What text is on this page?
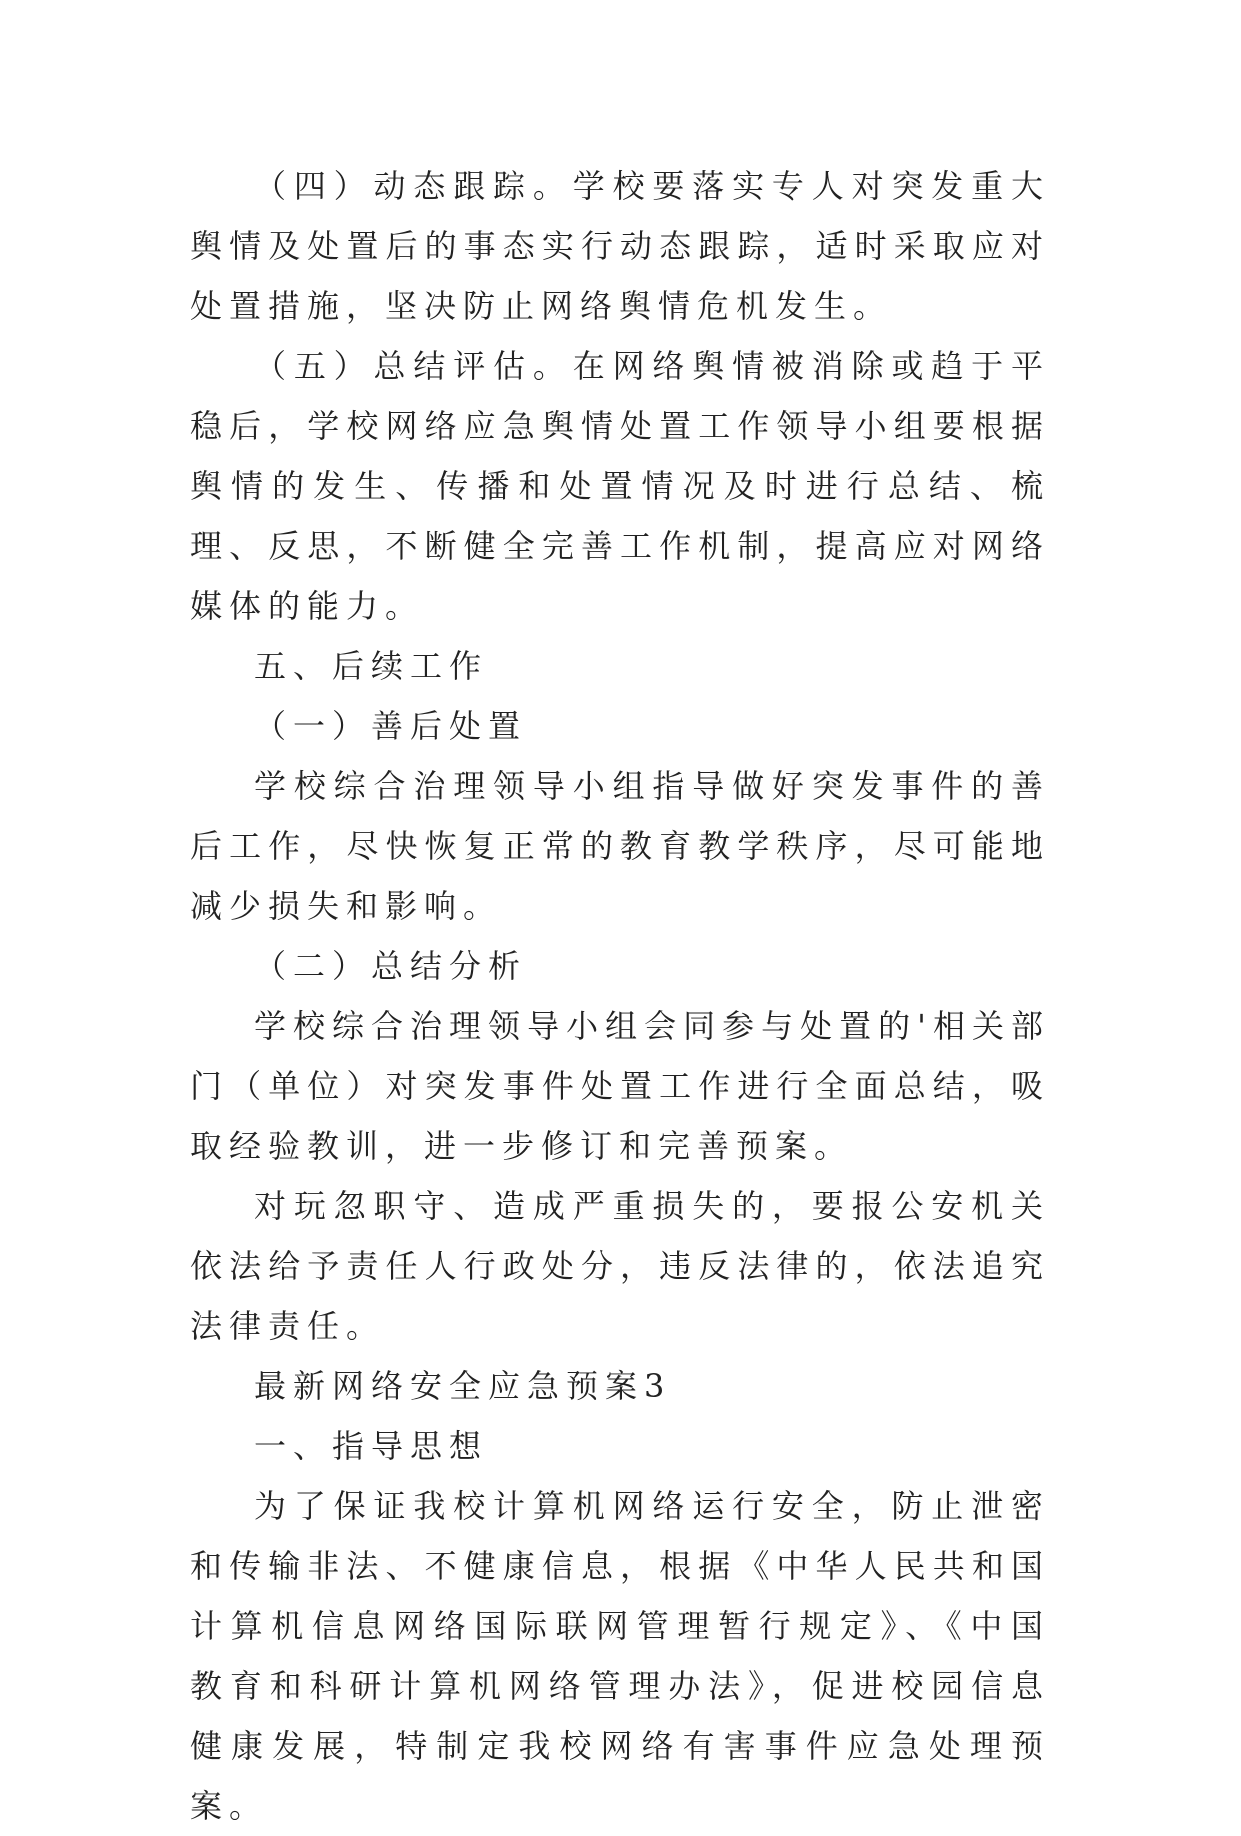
（四）动态跟踪。学校要落实专人对突发重大舆情及处置后的事态实行动态跟踪，适时采取应对处置措施，坚决防止网络舆情危机发生。

（五）总结评估。在网络舆情被消除或趋于平稳后，学校网络应急舆情处置工作领导小组要根据舆情的发生、传播和处置情况及时进行总结、梳理、反思，不断健全完善工作机制，提高应对网络媒体的能力。

五、后续工作

（一）善后处置

学校综合治理领导小组指导做好突发事件的善后工作，尽快恢复正常的教育教学秩序，尽可能地减少损失和影响。

（二）总结分析

学校综合治理领导小组会同参与处置的'相关部门（单位）对突发事件处置工作进行全面总结，吸取经验教训，进一步修订和完善预案。

对玩忽职守、造成严重损失的，要报公安机关依法给予责任人行政处分，违反法律的，依法追究法律责任。

最新网络安全应急预案3

一、指导思想

为了保证我校计算机网络运行安全，防止泄密和传输非法、不健康信息，根据《中华人民共和国计算机信息网络国际联网管理暂行规定》、《中国教育和科研计算机网络管理办法》，促进校园信息健康发展，特制定我校网络有害事件应急处理预案。
